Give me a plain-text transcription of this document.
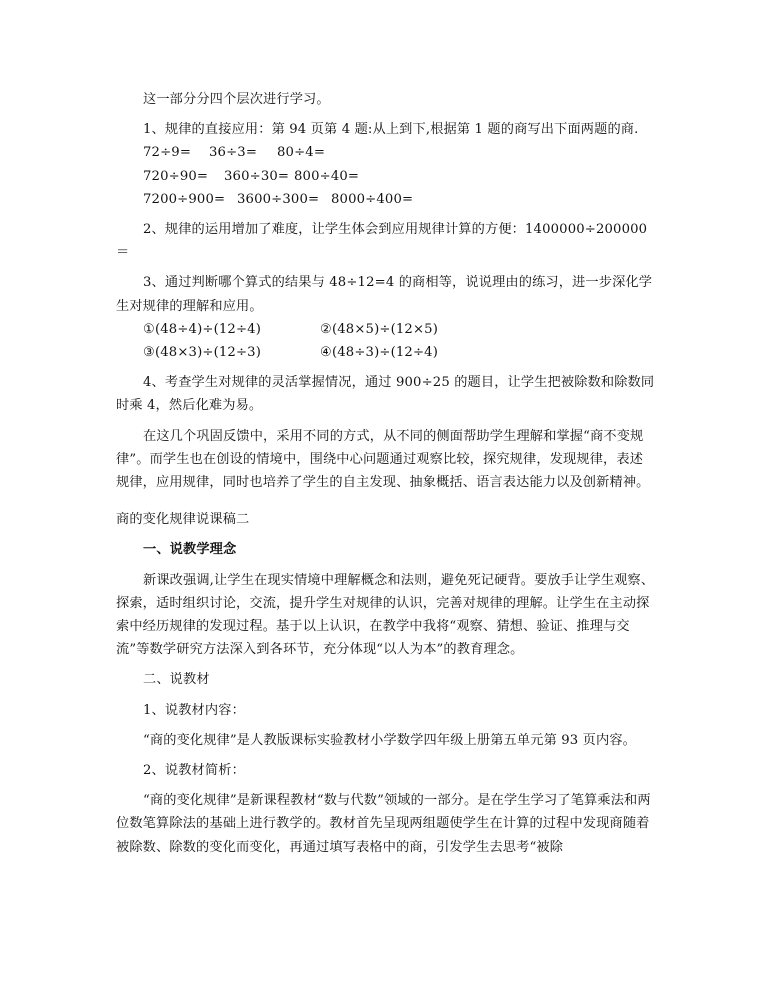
这一部分分四个层次进行学习。

1、规律的直接应用：第 94 页第 4 题:从上到下,根据第 1 题的商写出下面两题的商.

72÷9=	36÷3=	80÷4=
720÷90=	360÷30= 800÷40=
7200÷900= 3600÷300= 8000÷400=

2、规律的运用增加了难度，让学生体会到应用规律计算的方便：1400000÷200000＝

3、通过判断哪个算式的结果与 48÷12=4 的商相等，说说理由的练习，进一步深化学生对规律的理解和应用。

①(48÷4)÷(12÷4)	②(48×5)÷(12×5)
③(48×3)÷(12÷3)	④(48÷3)÷(12÷4)

4、考查学生对规律的灵活掌握情况，通过 900÷25 的题目，让学生把被除数和除数同时乘 4，然后化难为易。

在这几个巩固反馈中，采用不同的方式，从不同的侧面帮助学生理解和掌握“商不变规律”。而学生也在创设的情境中，围绕中心问题通过观察比较，探究规律，发现规律，表述规律，应用规律，同时也培养了学生的自主发现、抽象概括、语言表达能力以及创新精神。

商的变化规律说课稿二

一、说教学理念

新课改强调,让学生在现实情境中理解概念和法则，避免死记硬背。要放手让学生观察、探索，适时组织讨论，交流，提升学生对规律的认识，完善对规律的理解。让学生在主动探索中经历规律的发现过程。基于以上认识，在教学中我将“观察、猜想、验证、推理与交流”等数学研究方法深入到各环节，充分体现“以人为本”的教育理念。

二、说教材

1、说教材内容：

“商的变化规律”是人教版课标实验教材小学数学四年级上册第五单元第 93 页内容。

2、说教材简析：

“商的变化规律”是新课程教材“数与代数”领域的一部分。是在学生学习了笔算乘法和两位数笔算除法的基础上进行教学的。教材首先呈现两组题使学生在计算的过程中发现商随着被除数、除数的变化而变化，再通过填写表格中的商，引发学生去思考“被除
